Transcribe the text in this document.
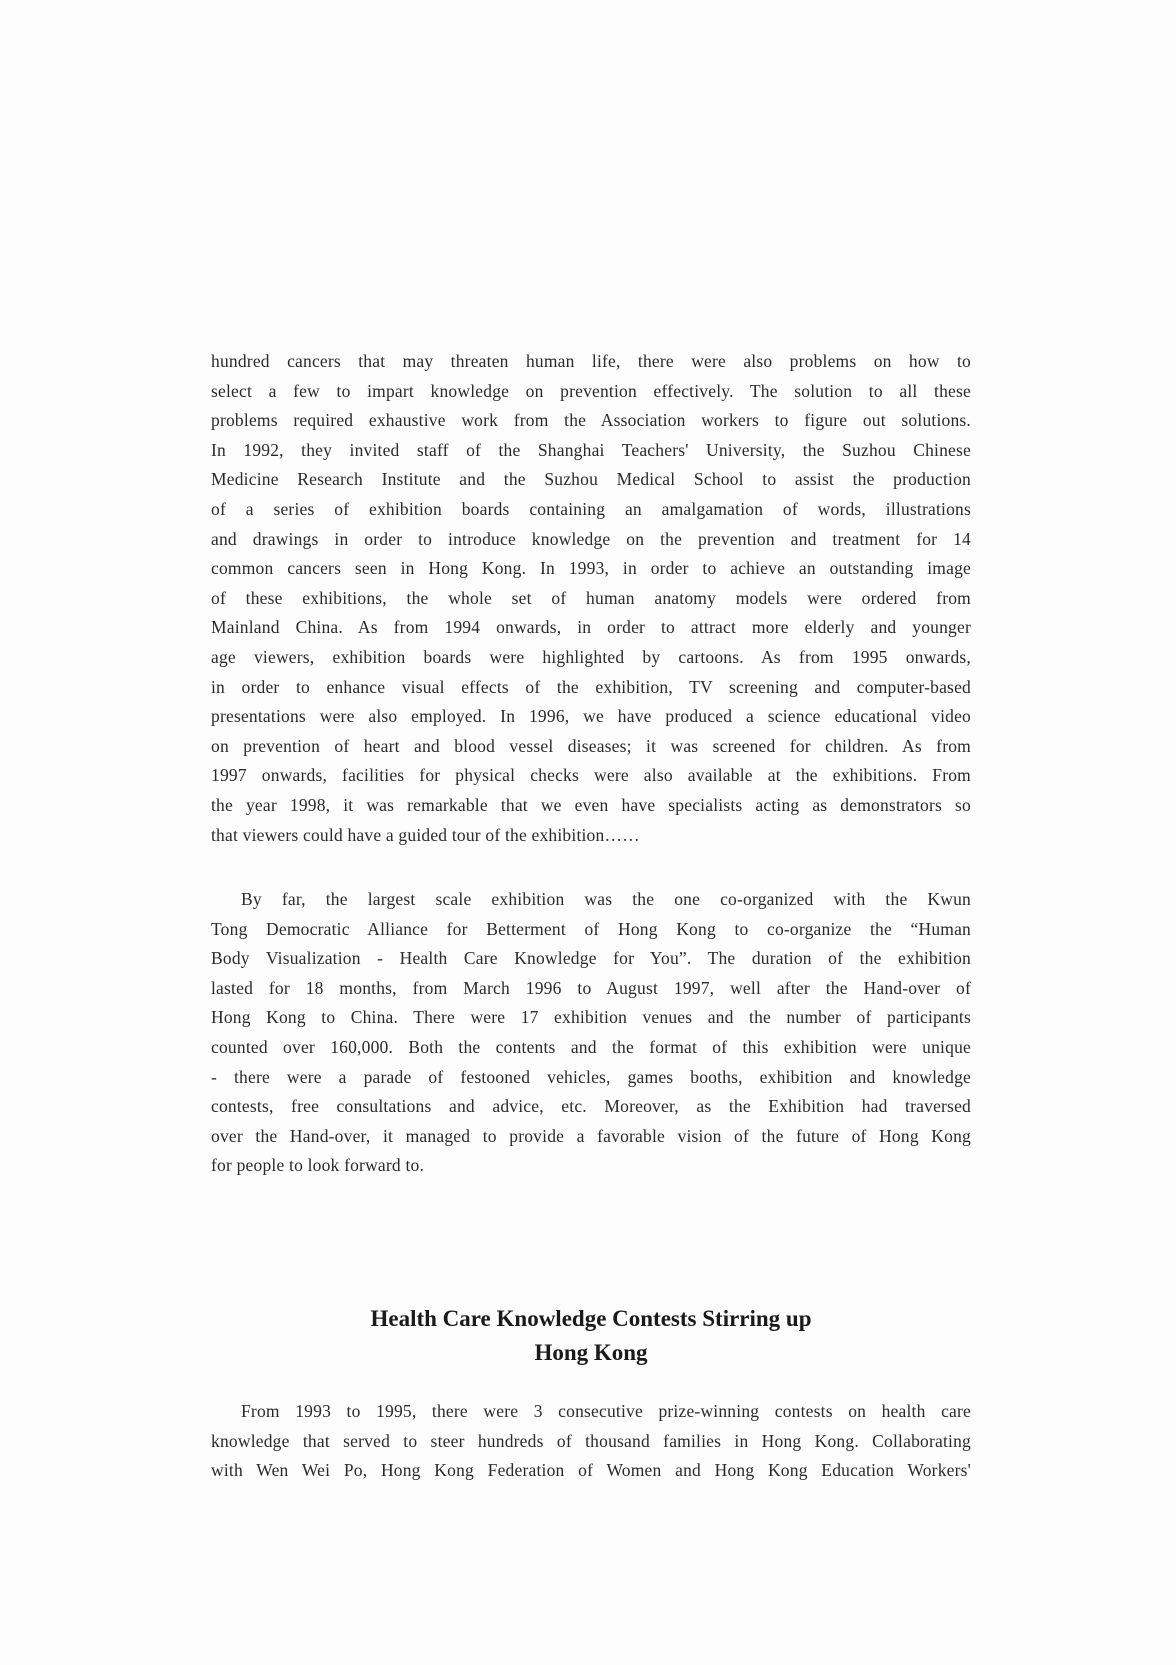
hundred cancers that may threaten human life, there were also problems on how to
select a few to impart knowledge on prevention effectively. The solution to all these
problems required exhaustive work from the Association workers to figure out solutions.
In 1992, they invited staff of the Shanghai Teachers' University, the Suzhou Chinese
Medicine Research Institute and the Suzhou Medical School to assist the production
of a series of exhibition boards containing an amalgamation of words, illustrations
and drawings in order to introduce knowledge on the prevention and treatment for 14
common cancers seen in Hong Kong. In 1993, in order to achieve an outstanding image
of these exhibitions, the whole set of human anatomy models were ordered from
Mainland China. As from 1994 onwards, in order to attract more elderly and younger
age viewers, exhibition boards were highlighted by cartoons. As from 1995 onwards,
in order to enhance visual effects of the exhibition, TV screening and computer-based
presentations were also employed. In 1996, we have produced a science educational video
on prevention of heart and blood vessel diseases; it was screened for children. As from
1997 onwards, facilities for physical checks were also available at the exhibitions. From
the year 1998, it was remarkable that we even have specialists acting as demonstrators so
that viewers could have a guided tour of the exhibition……
By far, the largest scale exhibition was the one co-organized with the Kwun
Tong Democratic Alliance for Betterment of Hong Kong to co-organize the “Human
Body Visualization - Health Care Knowledge for You”. The duration of the exhibition
lasted for 18 months, from March 1996 to August 1997, well after the Hand-over of
Hong Kong to China. There were 17 exhibition venues and the number of participants
counted over 160,000. Both the contents and the format of this exhibition were unique
- there were a parade of festooned vehicles, games booths, exhibition and knowledge
contests, free consultations and advice, etc. Moreover, as the Exhibition had traversed
over the Hand-over, it managed to provide a favorable vision of the future of Hong Kong
for people to look forward to.
Health Care Knowledge Contests Stirring up
Hong Kong
From 1993 to 1995, there were 3 consecutive prize-winning contests on health care
knowledge that served to steer hundreds of thousand families in Hong Kong. Collaborating
with Wen Wei Po, Hong Kong Federation of Women and Hong Kong Education Workers'
